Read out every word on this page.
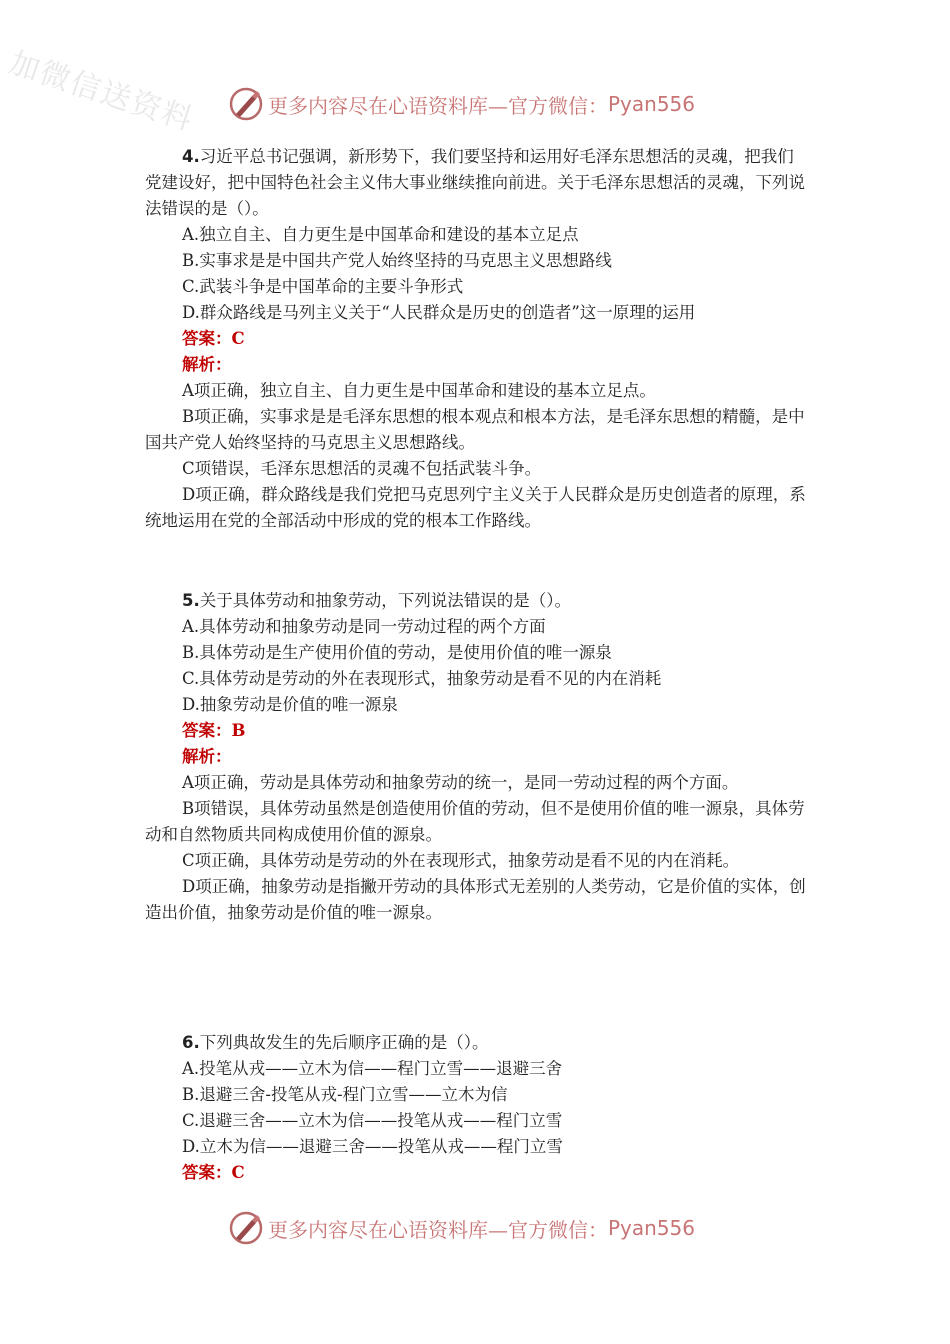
加微信送资料	更多内容尽在心语资料库— 官方微信： Pyan556

4.习近平总书记强调，新形势下，我们要坚持和运用好毛泽东思想活的灵魂，把我们党建设好，把中国特色社会主义伟大事业继续推向前进。关于毛泽东思想活的灵魂，下列说法错误的是（）。

A.独立自主、自力更生是中国革命和建设的基本立足点

B.实事求是是中国共产党人始终坚持的马克思主义思想路线

C.武装斗争是中国革命的主要斗争形式

D.群众路线是马列主义关于“人民群众是历史的创造者”这一原理的运用

答案：C

解析：

A项正确，独立自主、自力更生是中国革命和建设的基本立足点。

B项正确，实事求是是毛泽东思想的根本观点和根本方法，是毛泽东思想的精髓，是中国共产党人始终坚持的马克思主义思想路线。

C项错误，毛泽东思想活的灵魂不包括武装斗争。

D项正确，群众路线是我们党把马克思列宁主义关于人民群众是历史创造者的原理，系统地运用在党的全部活动中形成的党的根本工作路线。

5.关于具体劳动和抽象劳动，下列说法错误的是（）。

A.具体劳动和抽象劳动是同一劳动过程的两个方面

B.具体劳动是生产使用价值的劳动，是使用价值的唯一源泉

C.具体劳动是劳动的外在表现形式，抽象劳动是看不见的内在消耗

D.抽象劳动是价值的唯一源泉

答案：B

解析：

A项正确，劳动是具体劳动和抽象劳动的统一，是同一劳动过程的两个方面。

B项错误，具体劳动虽然是创造使用价值的劳动，但不是使用价值的唯一源泉，具体劳动和自然物质共同构成使用价值的源泉。

C项正确，具体劳动是劳动的外在表现形式，抽象劳动是看不见的内在消耗。

D项正确，抽象劳动是指撇开劳动的具体形式无差别的人类劳动，它是价值的实体，创造出价值，抽象劳动是价值的唯一源泉。

6.下列典故发生的先后顺序正确的是（）。

A.投笔从戎——立木为信——程门立雪——退避三舍

B.退避三舍-投笔从戎-程门立雪——立木为信

C.退避三舍——立木为信——投笔从戎——程门立雪

D.立木为信——退避三舍——投笔从戎——程门立雪

答案：C

更多内容尽在心语资料库— 官方微信： Pyan556
